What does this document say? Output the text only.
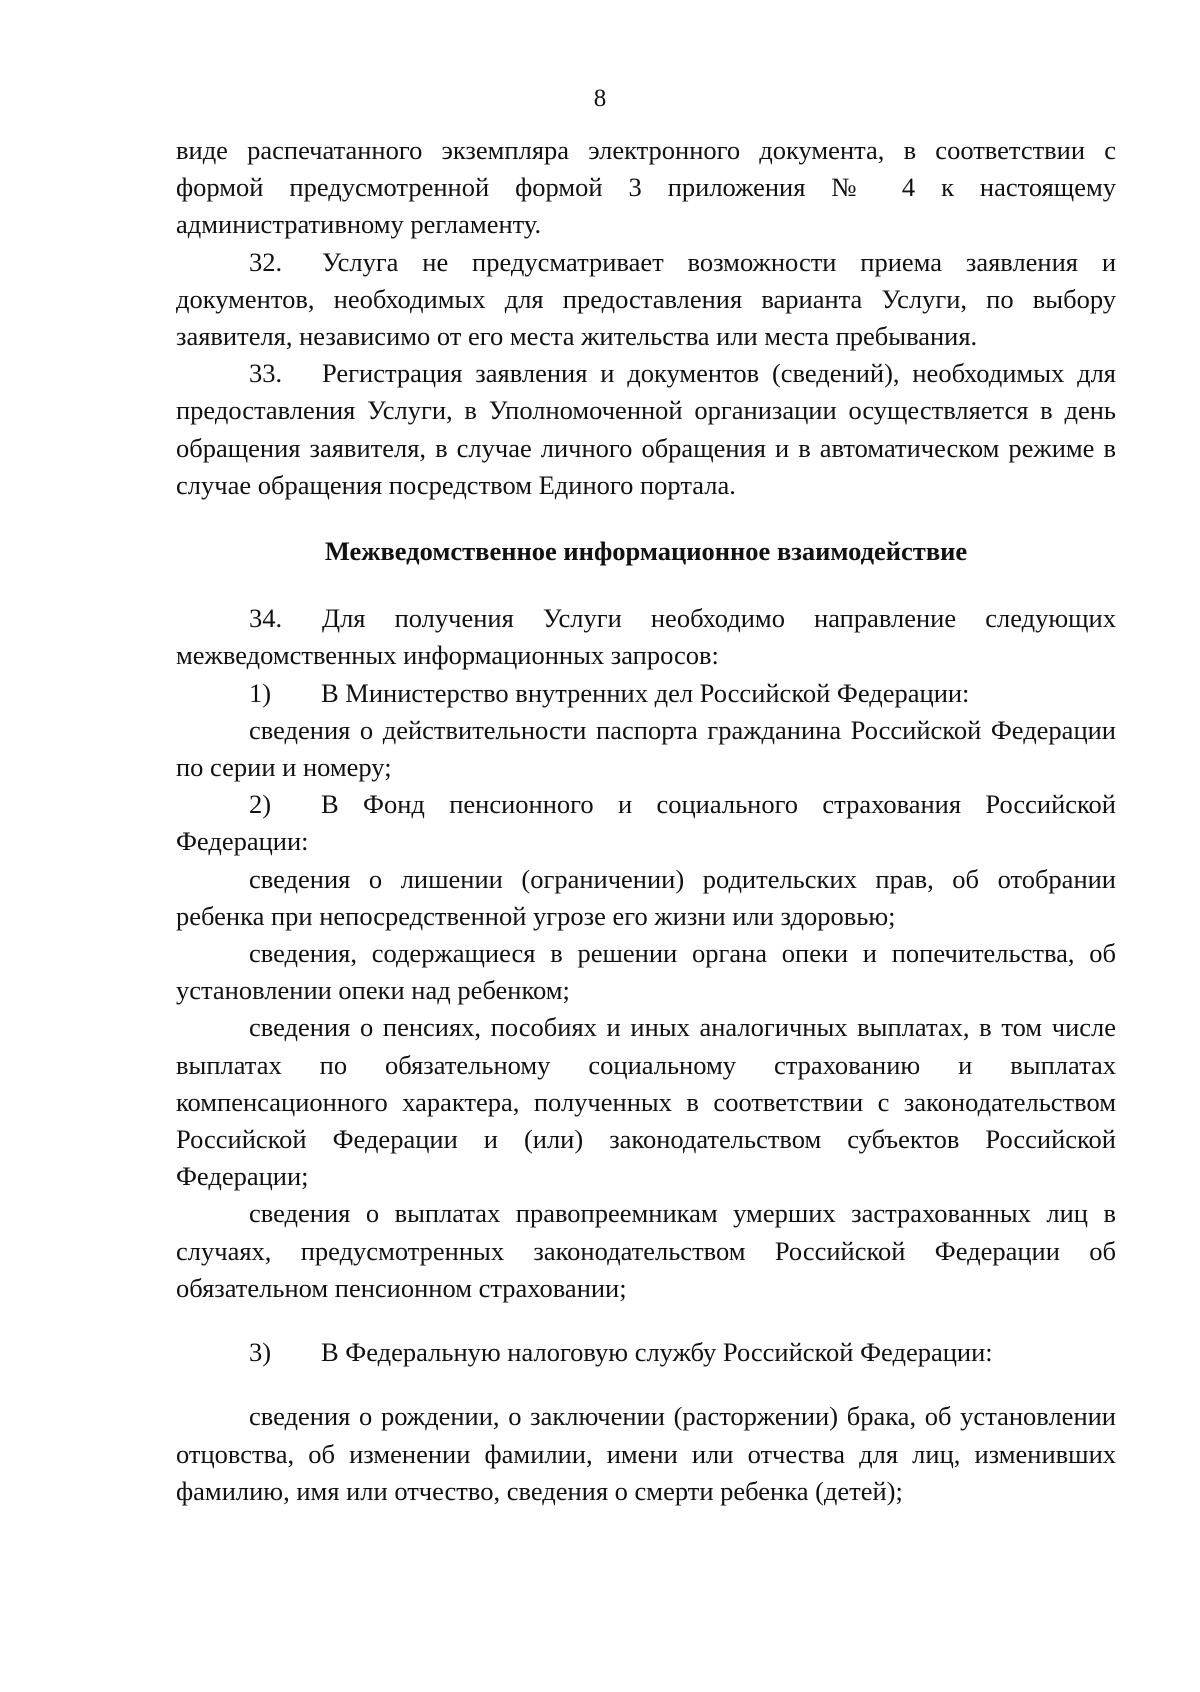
8

виде распечатанного экземпляра электронного документа, в соответствии с формой предусмотренной формой 3 приложения № 4 к настоящему административному регламенту.

32. Услуга не предусматривает возможности приема заявления и документов, необходимых для предоставления варианта Услуги, по выбору заявителя, независимо от его места жительства или места пребывания.

33. Регистрация заявления и документов (сведений), необходимых для предоставления Услуги, в Уполномоченной организации осуществляется в день обращения заявителя, в случае личного обращения и в автоматическом режиме в случае обращения посредством Единого портала.

Межведомственное информационное взаимодействие

34. Для получения Услуги необходимо направление следующих межведомственных информационных запросов:

1) В Министерство внутренних дел Российской Федерации:

сведения о действительности паспорта гражданина Российской Федерации по серии и номеру;

2) В Фонд пенсионного и социального страхования Российской Федерации:

сведения о лишении (ограничении) родительских прав, об отобрании ребенка при непосредственной угрозе его жизни или здоровью;

сведения, содержащиеся в решении органа опеки и попечительства, об установлении опеки над ребенком;

сведения о пенсиях, пособиях и иных аналогичных выплатах, в том числе выплатах по обязательному социальному страхованию и выплатах компенсационного характера, полученных в соответствии с законодательством Российской Федерации и (или) законодательством субъектов Российской Федерации;

сведения о выплатах правопреемникам умерших застрахованных лиц в случаях, предусмотренных законодательством Российской Федерации об обязательном пенсионном страховании;

3) В Федеральную налоговую службу Российской Федерации:

сведения о рождении, о заключении (расторжении) брака, об установлении отцовства, об изменении фамилии, имени или отчества для лиц, изменивших фамилию, имя или отчество, сведения о смерти ребенка (детей);
